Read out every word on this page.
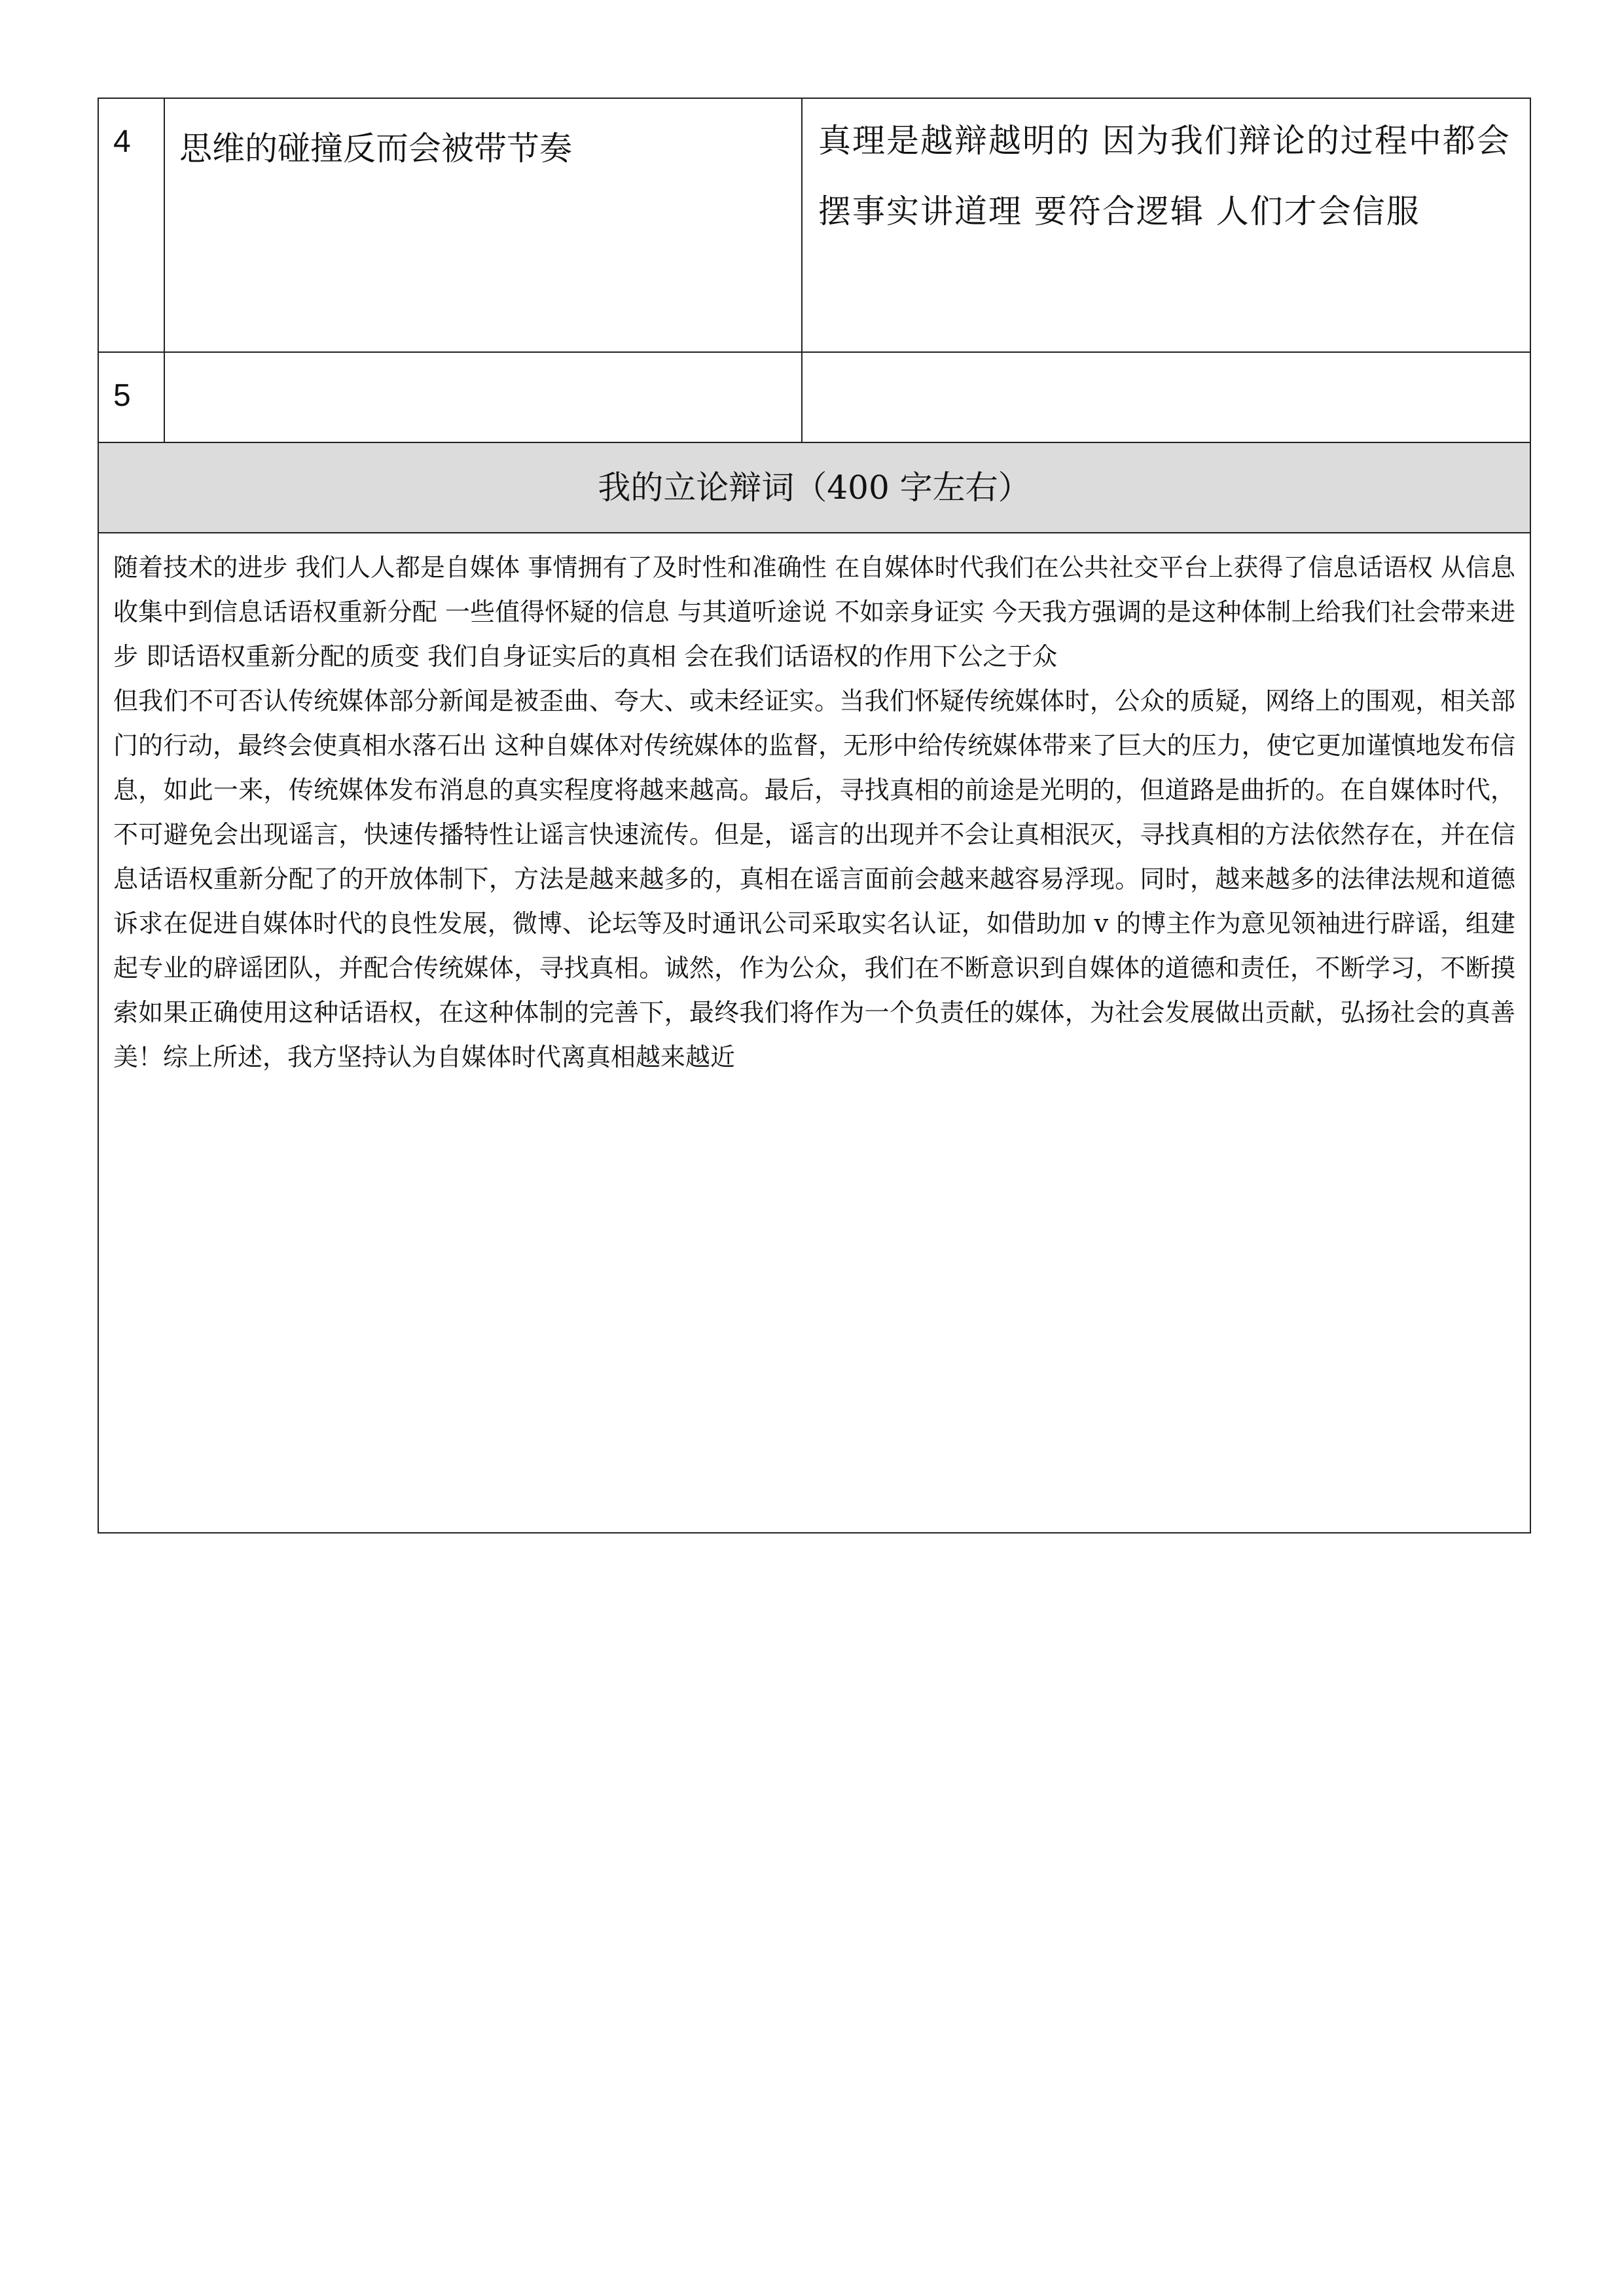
4	思维的碰撞反而会被带节奏	真理是越辩越明的 因为我们辩论的过程中都会摆事实讲道理 要符合逻辑 人们才会信服
5
我的立论辩词（400 字左右）

随着技术的进步 我们人人都是自媒体 事情拥有了及时性和准确性 在自媒体时代我们在公共社交平台上获得了信息话语权 从信息收集中到信息话语权重新分配 一些值得怀疑的信息 与其道听途说 不如亲身证实 今天我方强调的是这种体制上给我们社会带来进步 即话语权重新分配的质变 我们自身证实后的真相 会在我们话语权的作用下公之于众

但我们不可否认传统媒体部分新闻是被歪曲、夸大、或未经证实。当我们怀疑传统媒体时，公众的质疑，网络上的围观，相关部门的行动，最终会使真相水落石出 这种自媒体对传统媒体的监督，无形中给传统媒体带来了巨大的压力，使它更加谨慎地发布信息，如此一来，传统媒体发布消息的真实程度将越来越高。最后，寻找真相的前途是光明的，但道路是曲折的。在自媒体时代，不可避免会出现谣言，快速传播特性让谣言快速流传。但是，谣言的出现并不会让真相泯灭，寻找真相的方法依然存在，并在信息话语权重新分配了的开放体制下，方法是越来越多的，真相在谣言面前会越来越容易浮现。同时，越来越多的法律法规和道德诉求在促进自媒体时代的良性发展，微博、论坛等及时通讯公司采取实名认证，如借助加 v 的博主作为意见领袖进行辟谣，组建起专业的辟谣团队，并配合传统媒体，寻找真相。诚然，作为公众，我们在不断意识到自媒体的道德和责任，不断学习，不断摸索如果正确使用这种话语权，在这种体制的完善下，最终我们将作为一个负责任的媒体，为社会发展做出贡献，弘扬社会的真善美！综上所述，我方坚持认为自媒体时代离真相越来越近
